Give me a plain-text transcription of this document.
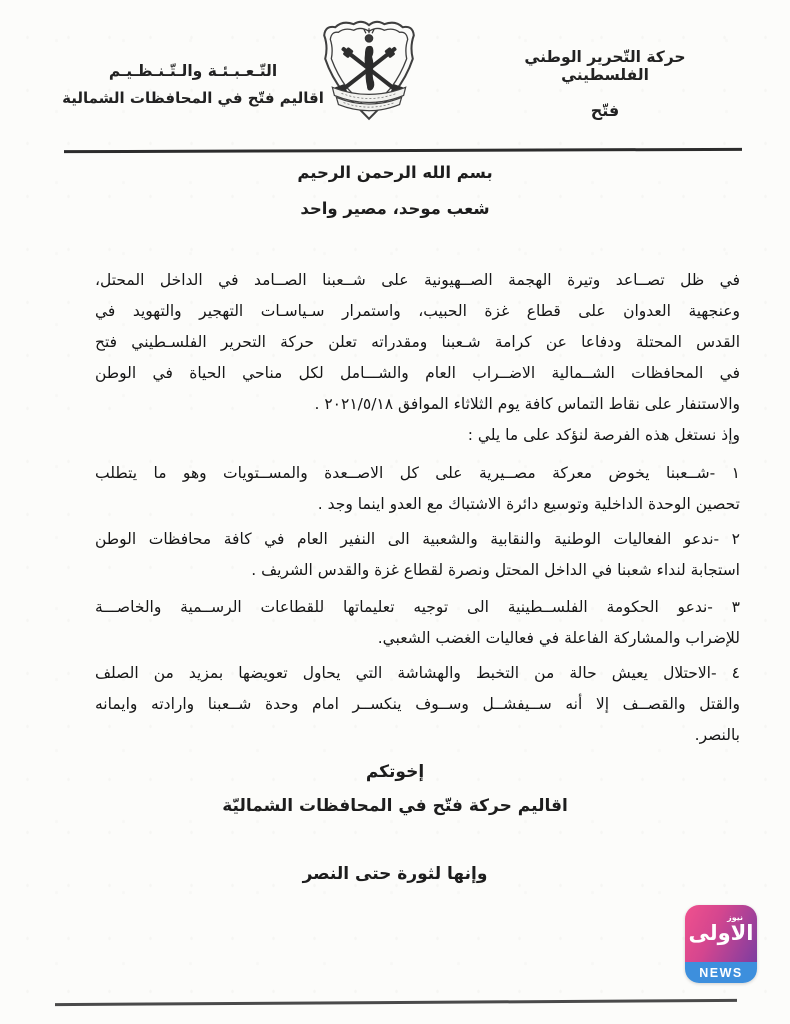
حركة التّحرير الوطني الفلسطيني
فتّح
التّـعـبـئـة والـتّـنـظـيـم
اقاليم فتّح في المحافظات الشمالية
بسم الله الرحمن الرحيم
شعب موحد، مصير واحد
في ظل تصــاعد وتيرة الهجمة الصــهيونية على شــعبنا الصــامد في الداخل المحتل،
وعنجهية العدوان على قطاع غزة الحبيب، واستمرار سـياسـات التهجير والتهويد في
القدس المحتلة ودفاعا عن كرامة شـعبنا ومقدراته تعلن حركة التحرير الفلسـطيني فتح
في المحافظات الشــمالية الاضــراب العام والشـــامل لكل مناحي الحياة في الوطن
والاستنفار على نقاط التماس كافة يوم الثلاثاء الموافق ٢٠٢١/٥/١٨ .
وإذ نستغل هذه الفرصة لنؤكد على ما يلي :
١ -شــعبنا يخوض معركة مصــيرية على كل الاصــعدة والمســتويات وهو ما يتطلب
تحصين الوحدة الداخلية وتوسيع دائرة الاشتباك مع العدو اينما وجد .
٢ -ندعو الفعاليات الوطنية والنقابية والشعبية الى النفير العام في كافة محافظات الوطن
استجابة لنداء شعبنا في الداخل المحتل ونصرة لقطاع غزة والقدس الشريف .
٣ -ندعو الحكومة الفلســطينية الى توجيه تعليماتها للقطاعات الرســمية والخاصـــة
للإضراب والمشاركة الفاعلة في فعاليات الغضب الشعبي.
٤ -الاحتلال يعيش حالة من التخبط والهشاشة التي يحاول تعويضها بمزيد من الصلف
والقتل والقصــف إلا أنه ســيفشــل وســوف ينكســر امام وحدة شــعبنا وارادته وايمانه
بالنصر.
إخوتكم
اقاليم حركة فتّح في المحافظات الشماليّة
وإنها لثورة حتى النصر
نيوز
الاولى
NEWS
